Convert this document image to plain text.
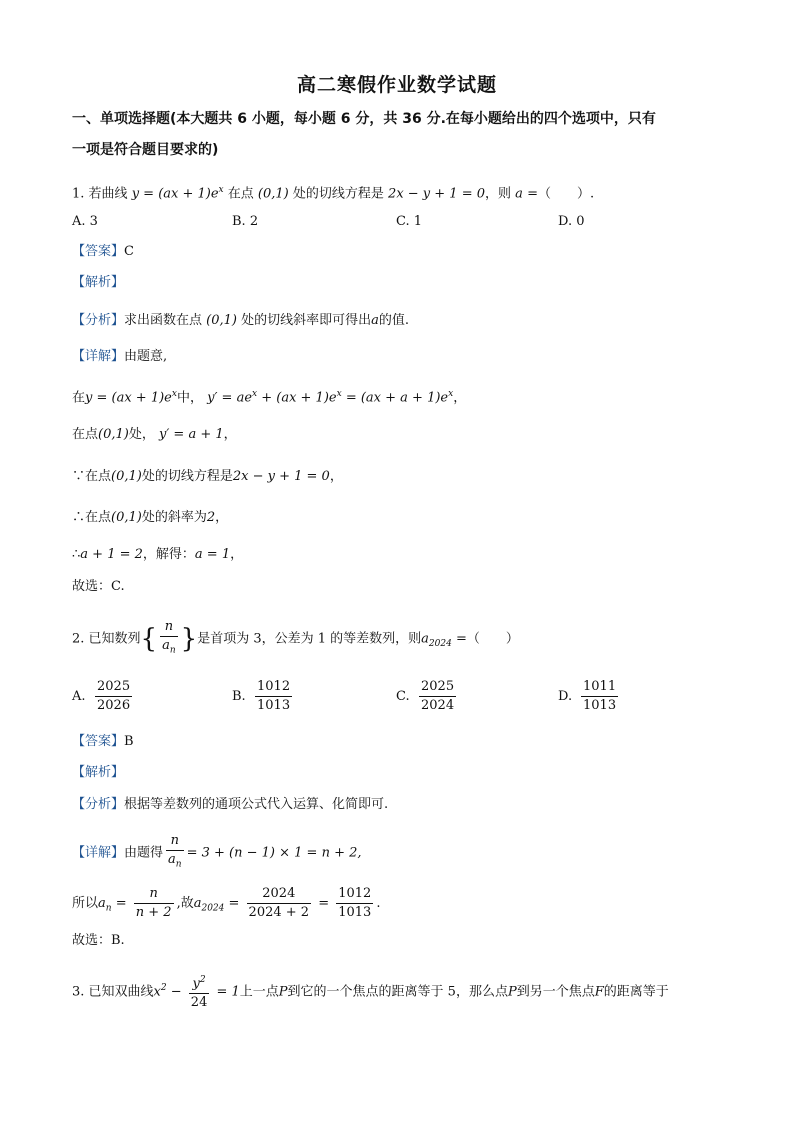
高二寒假作业数学试题
一、单项选择题(本大题共 6 小题，每小题 6 分，共 36 分.在每小题给出的四个选项中，只有
一项是符合题目要求的)
1. 若曲线 $y = (ax + 1)e^x$ 在点 (0,1) 处的切线方程是 2x − y + 1 = 0，则 a =（　　）.
A. 3	B. 2	C. 1	D. 0
【答案】C
【解析】
【分析】求出函数在点 (0,1) 处的切线斜率即可得出a的值.
【详解】由题意,
在$y = (ax + 1)e^x$中， $y' = ae^x + (ax + 1)e^x = (ax + a + 1)e^x$，
在点(0,1)处， y′ = a + 1，
∵在点(0,1)处的切线方程是2x − y + 1 = 0，
∴在点(0,1)处的斜率为2，
∴a + 1 = 2，解得：a = 1，
故选：C.
2. 已知数列{ $\frac{n}{a_n}$ }是首项为 3，公差为 1 的等差数列，则$a_{2024}$ =（　　）
A. $\frac{2025}{2026}$	B. $\frac{1012}{1013}$	C. $\frac{2025}{2024}$	D. $\frac{1011}{1013}$
【答案】B
【解析】
【分析】根据等差数列的通项公式代入运算、化简即可.
【详解】由题得 $\frac{n}{a_n} = 3 + (n - 1) \times 1 = n + 2$,
所以$a_n = \frac{n}{n + 2}$ ,故$a_{2024} = \frac{2024}{2024 + 2} = \frac{1012}{1013}$ .
故选：B.
3. 已知双曲线$x^2 - \frac{y^2}{24} = 1$上一点P到它的一个焦点的距离等于 5，那么点P到另一个焦点F的距离等于
